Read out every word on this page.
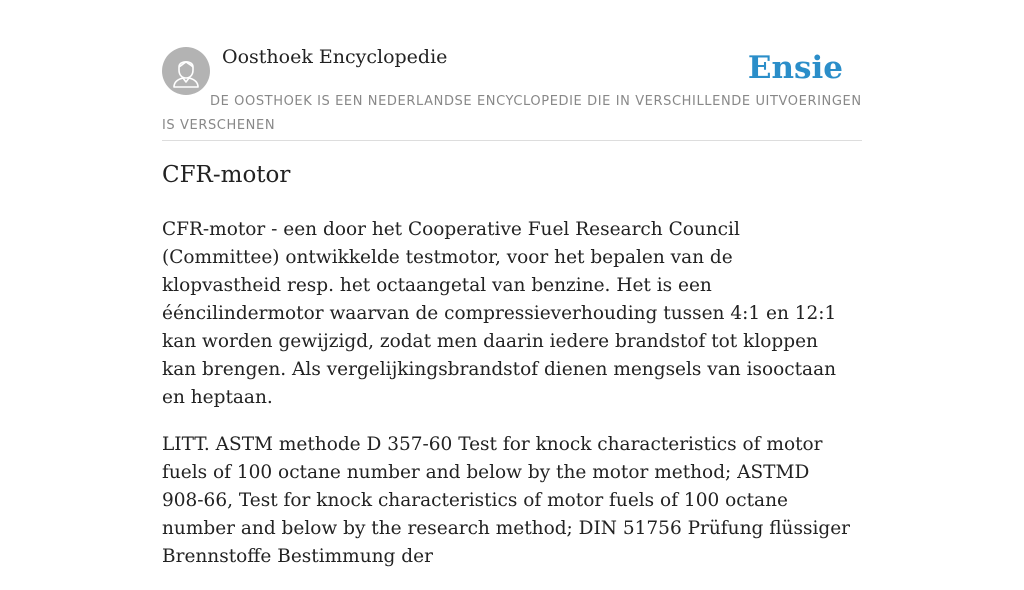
Oosthoek Encyclopedie	Ensie
DE OOSTHOEK IS EEN NEDERLANDSE ENCYCLOPEDIE DIE IN VERSCHILLENDE UITVOERINGEN IS VERSCHENEN
CFR-motor

CFR-motor - een door het Cooperative Fuel Research Council (Committee) ontwikkelde testmotor, voor het bepalen van de klopvastheid resp. het octaangetal van benzine. Het is een ééncilindermotor waarvan de compressieverhouding tussen 4:1 en 12:1 kan worden gewijzigd, zodat men daarin iedere brandstof tot kloppen kan brengen. Als vergelijkingsbrandstof dienen mengsels van isooctaan en heptaan.

LITT. ASTM methode D 357-60 Test for knock characteristics of motor fuels of 100 octane number and below by the motor method; ASTMD 908-66, Test for knock characteristics of motor fuels of 100 octane number and below by the research method; DIN 51756 Prüfung flüssiger Brennstoffe Bestimmung der
